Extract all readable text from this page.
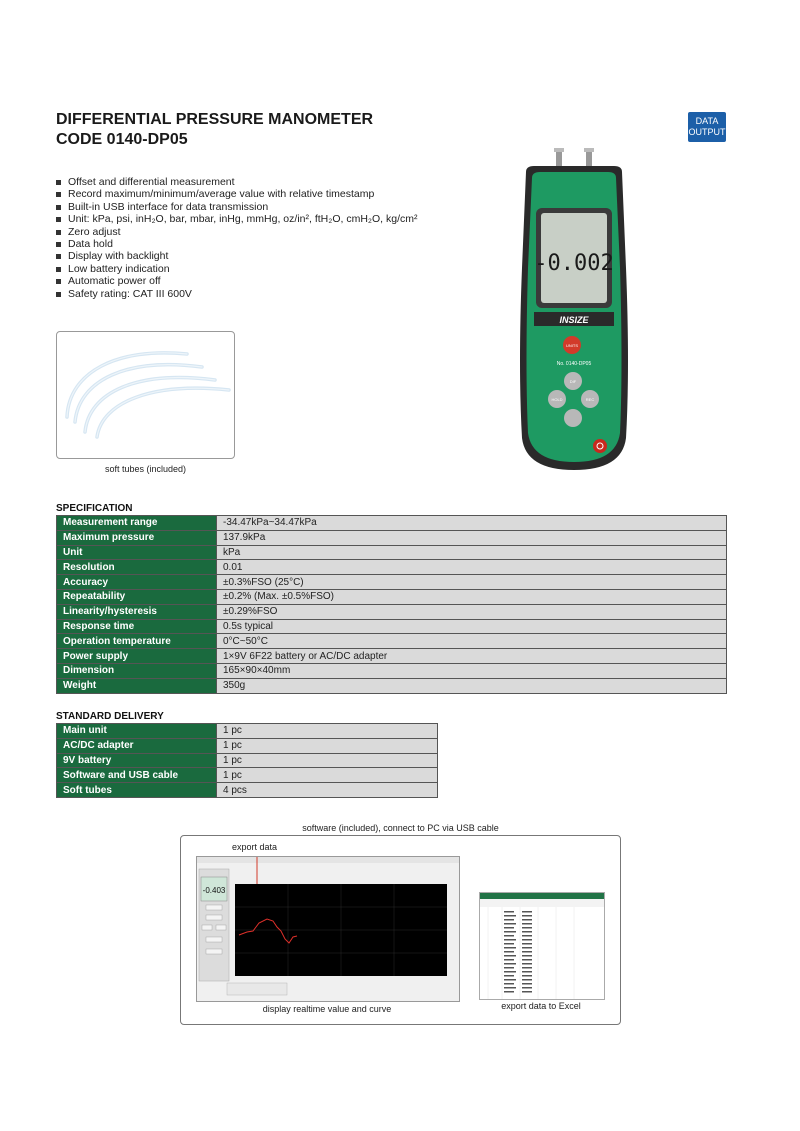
DIFFERENTIAL PRESSURE MANOMETER
CODE 0140-DP05
DATA
OUTPUT
Offset and differential measurement
Record maximum/minimum/average value with relative timestamp
Built-in USB interface for data transmission
Unit: kPa, psi, inH₂O, bar, mbar, inHg, mmHg, oz/in², ftH₂O, cmH₂O, kg/cm²
Zero adjust
Data hold
Display with backlight
Low battery indication
Automatic power off
Safety rating: CAT III 600V
soft tubes (included)
-0.002
INSIZE
UNITS
No. 0140-DP05
DIF
HOLD	REC
SPECIFICATION
Measurement range	-34.47kPa~34.47kPa
Maximum pressure	137.9kPa
Unit	kPa
Resolution	0.01
Accuracy	±0.3%FSO (25°C)
Repeatability	±0.2% (Max. ±0.5%FSO)
Linearity/hysteresis	±0.29%FSO
Response time	0.5s typical
Operation temperature	0°C~50°C
Power supply	1×9V 6F22 battery or AC/DC adapter
Dimension	165×90×40mm
Weight	350g
STANDARD DELIVERY
Main unit	1 pc
AC/DC adapter	1 pc
9V battery	1 pc
Software and USB cable	1 pc
Soft tubes	4 pcs
software (included), connect to PC via USB cable
export data
-0.403
display realtime value and curve	export data to Excel
